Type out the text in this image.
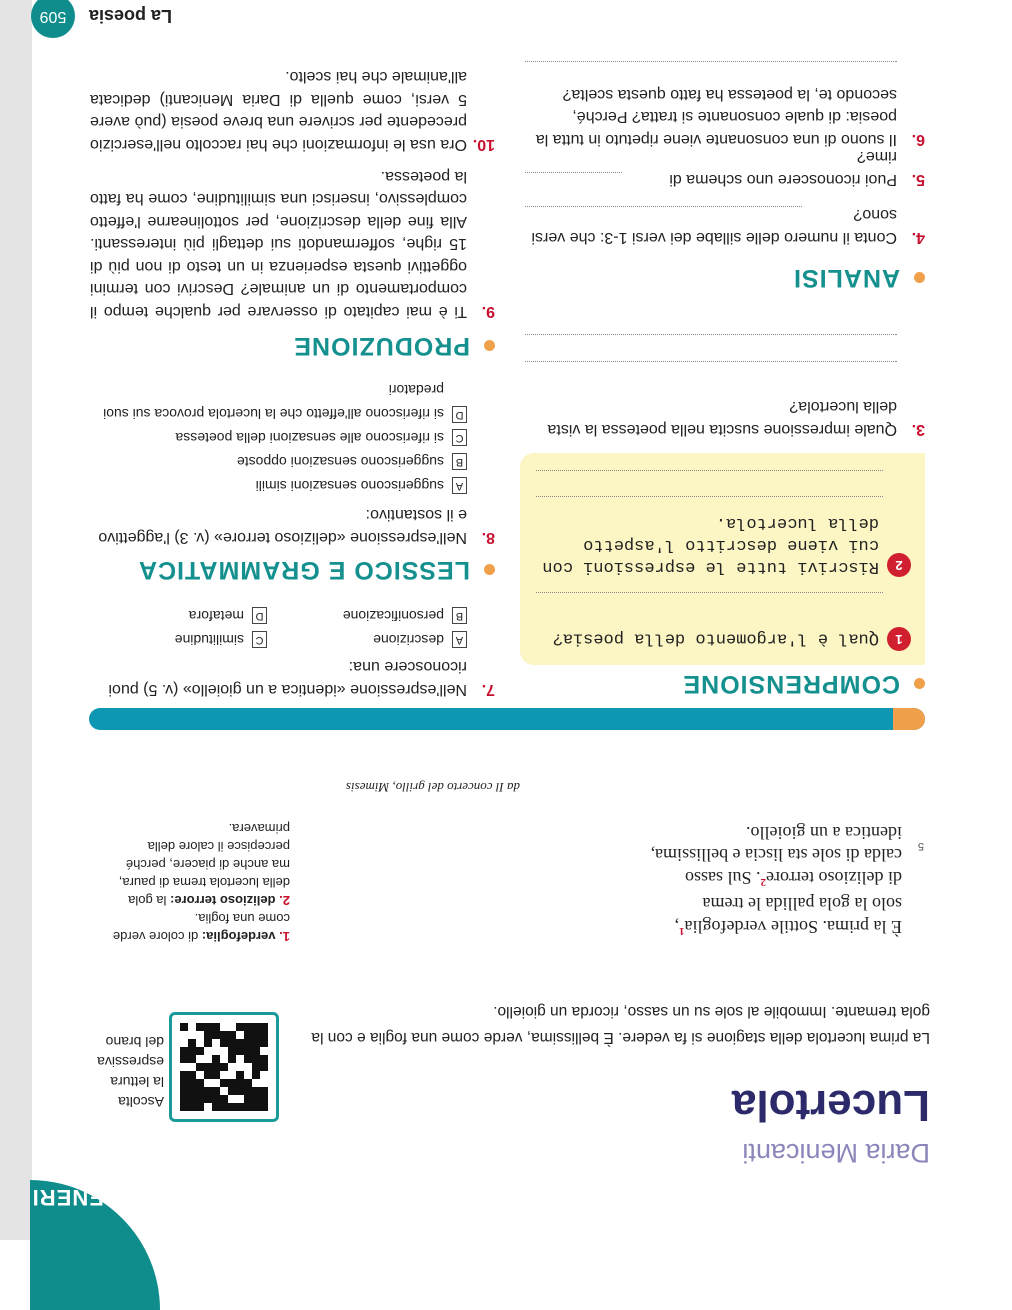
GENERI
Daria Menicanti
Lucertola
La prima lucertola della stagione si fa vedere. È bellissima, verde come una foglia e con la gola tremante. Immobile al sole su un sasso, ricorda un gioiello.
Ascolta
la lettura
espressiva
del brano
È la prima. Sottile verdefoglia$^1$,
solo la gola pallida le trema
di delizioso terrore$^2$. Sul sasso
calda di sole sta liscia e bellissima,
identica a un gioiello.
5
1. verdefoglia: di colore verde come una foglia.
2. delizioso terrore: la gola della lucertola trema di paura, ma anche di piacere, perché percepisce il calore della primavera.
da Il concerto del grillo, Mimesis
COMPRENSIONE
1Qual è l'argomento della poesia?
2
Riscrivi tutte le espressioni con cui viene descritto l'aspetto della lucertola.
3.
Quale impressione suscita nella poetessa la vista della lucertola?
ANALISI
4.
Conta il numero delle sillabe dei versi 1-3: che versi sono?
5.
Puoi riconoscere uno schema di rime?
6.
Il suono di una consonante viene ripetuto in tutta la poesia: di quale consonante si tratta? Perché, secondo te, la poetessa ha fatto questa scelta?
7.
Nell'espressione «identica a un gioiello» (v. 5) puoi riconoscere una:
A
descrizione
C
similitudine
B
personificazione
D
metafora
LESSICO E GRAMMATICA
8.
Nell'espressione «delizioso terrore» (v. 3) l'aggettivo e il sostantivo:
A
suggeriscono sensazioni simili
B
suggeriscono sensazioni opposte
C
si riferiscono alle sensazioni della poetessa
D
si riferiscono all'effetto che la lucertola provoca sui suoi predatori
PRODUZIONE
9.
Ti è mai capitato di osservare per qualche tempo il comportamento di un animale? Descrivi con termini oggettivi questa esperienza in un testo di non più di 15 righe, soffermandoti sui dettagli più interessanti. Alla fine della descrizione, per sottolinearne l'effetto complessivo, inserisci una similitudine, come ha fatto la poetessa.
10.
Ora usa le informazioni che hai raccolto nell'esercizio precedente per scrivere una breve poesia (può avere 5 versi, come quella di Daria Menicanti) dedicata all'animale che hai scelto.
La poesia
509
